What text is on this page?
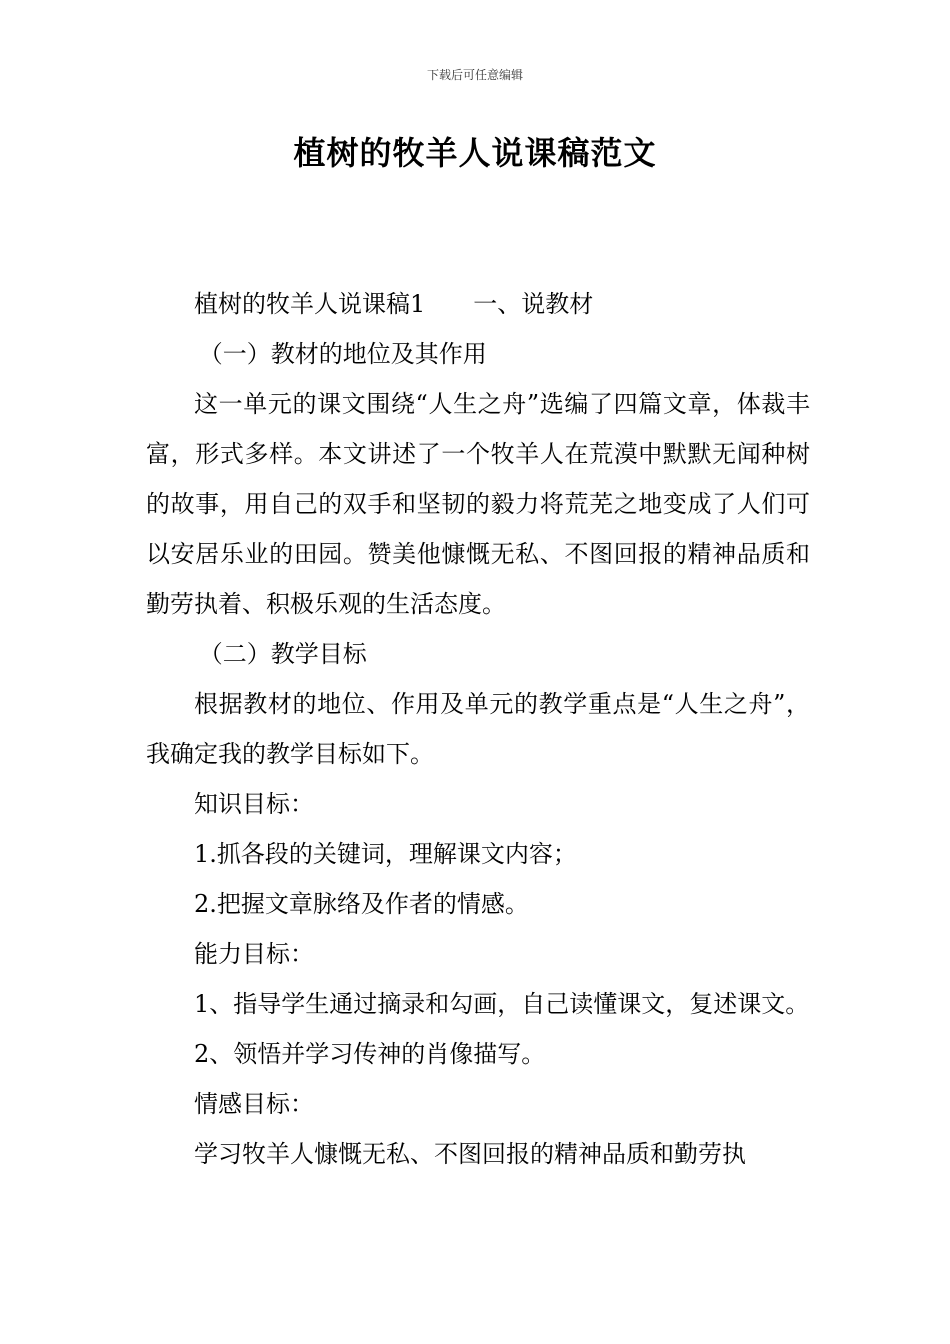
下载后可任意编辑
植树的牧羊人说课稿范文

植树的牧羊人说课稿1 一、说教材

（一）教材的地位及其作用

这一单元的课文围绕“人生之舟”选编了四篇文章，体裁丰富，形式多样。本文讲述了一个牧羊人在荒漠中默默无闻种树的故事，用自己的双手和坚韧的毅力将荒芜之地变成了人们可以安居乐业的田园。赞美他慷慨无私、不图回报的精神品质和勤劳执着、积极乐观的生活态度。

（二）教学目标

根据教材的地位、作用及单元的教学重点是“人生之舟”，我确定我的教学目标如下。

知识目标：

1.抓各段的关键词，理解课文内容；

2.把握文章脉络及作者的情感。

能力目标：

1、指导学生通过摘录和勾画，自己读懂课文，复述课文。

2、领悟并学习传神的肖像描写。

情感目标：

学习牧羊人慷慨无私、不图回报的精神品质和勤劳执
